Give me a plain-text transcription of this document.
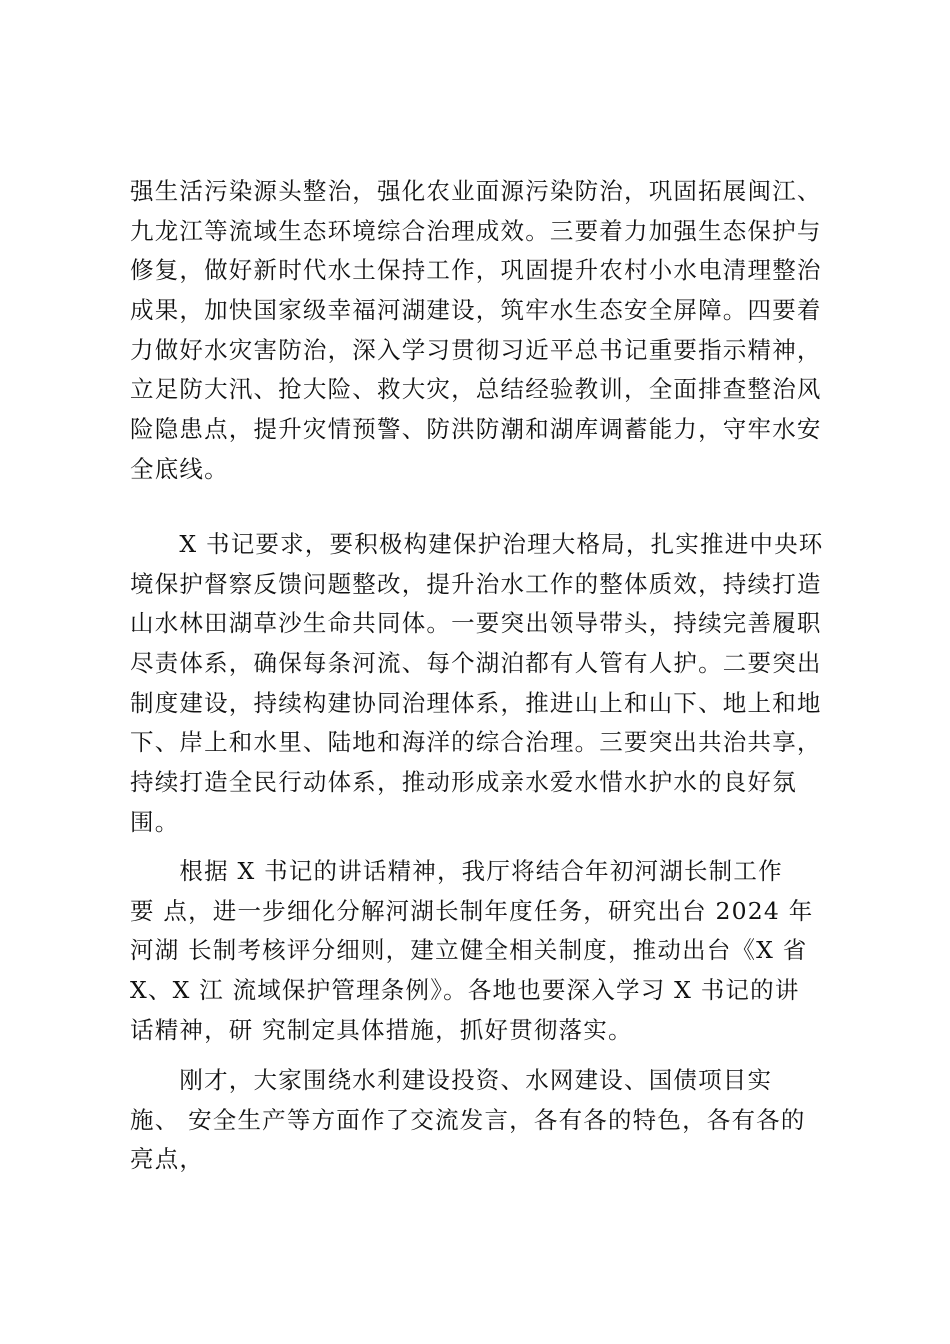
强生活污染源头整治，强化农业面源污染防治，巩固拓展闽江、
九龙江等流域生态环境综合治理成效。三要着力加强生态保护与
修复，做好新时代水土保持工作，巩固提升农村小水电清理整治
成果，加快国家级幸福河湖建设，筑牢水生态安全屏障。四要着
力做好水灾害防治，深入学习贯彻习近平总书记重要指示精神，
立足防大汛、抢大险、救大灾，总结经验教训，全面排查整治风
险隐患点，提升灾情预警、防洪防潮和湖库调蓄能力，守牢水安
全底线。
　　X 书记要求，要积极构建保护治理大格局，扎实推进中央环
境保护督察反馈问题整改，提升治水工作的整体质效，持续打造
山水林田湖草沙生命共同体。一要突出领导带头，持续完善履职
尽责体系，确保每条河流、每个湖泊都有人管有人护。二要突出
制度建设，持续构建协同治理体系，推进山上和山下、地上和地
下、岸上和水里、陆地和海洋的综合治理。三要突出共治共享，
持续打造全民行动体系，推动形成亲水爱水惜水护水的良好氛
围。
　　根据 X 书记的讲话精神，我厅将结合年初河湖长制工作
要 点，进一步细化分解河湖长制年度任务，研究出台 2024 年
河湖 长制考核评分细则，建立健全相关制度，推动出台《X 省
X、X 江 流域保护管理条例》。各地也要深入学习 X 书记的讲
话精神，研 究制定具体措施，抓好贯彻落实。
　　刚才，大家围绕水利建设投资、水网建设、国债项目实
施、 安全生产等方面作了交流发言，各有各的特色，各有各的
亮点，
